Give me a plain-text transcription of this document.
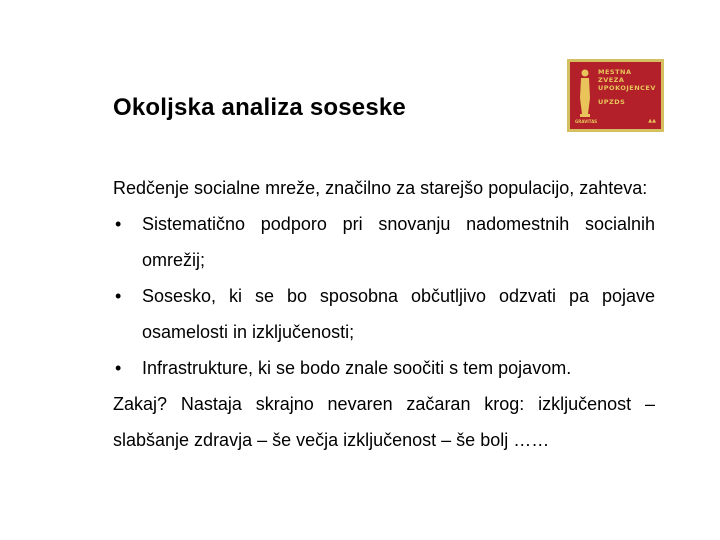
Okoljska analiza soseske
MESTNA
ZVEZA
UPOKOJENCEV
UPZDS
GRAVITAS	▲▲

Redčenje socialne mreže, značilno za starejšo populacijo, zahteva:

• Sistematično podporo pri snovanju nadomestnih socialnih omrežij;
• Sosesko, ki se bo sposobna občutljivo odzvati pa pojave osamelosti in izključenosti;
• Infrastrukture, ki se bodo znale soočiti s tem pojavom.

Zakaj? Nastaja skrajno nevaren začaran krog: izključenost – slabšanje zdravja – še večja izključenost – še bolj ……
